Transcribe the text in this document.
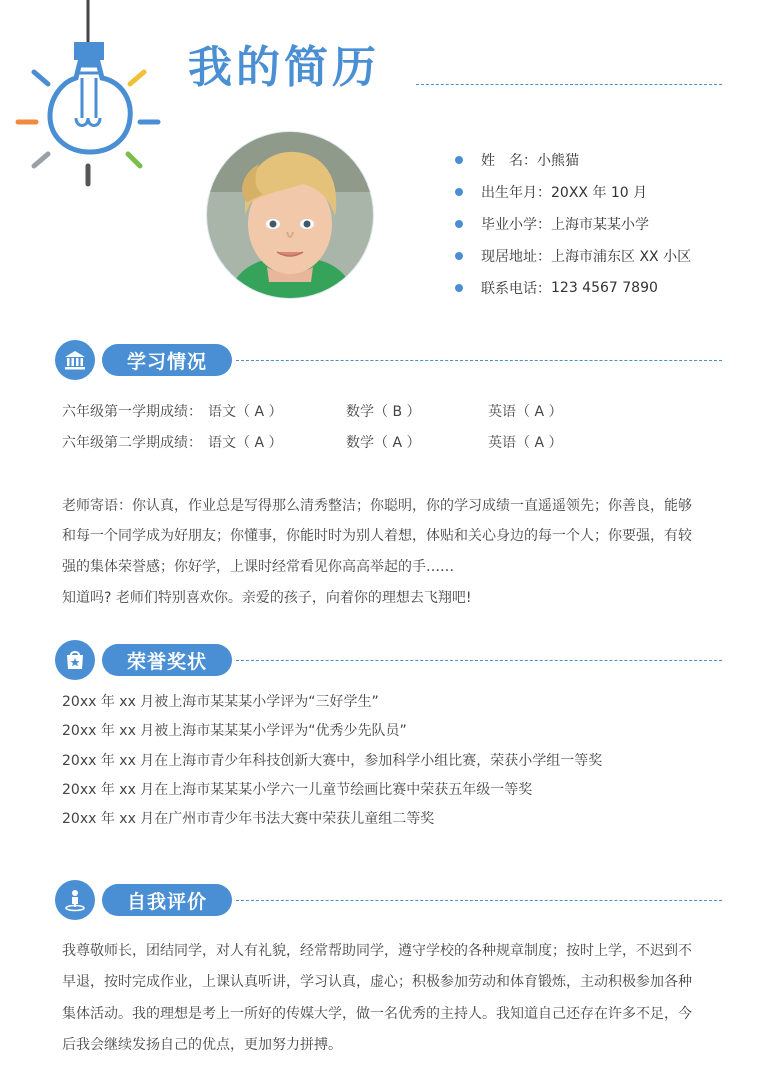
我的简历
姓　名： 小熊猫
出生年月： 20XX 年 10 月
毕业小学： 上海市某某小学
现居地址： 上海市浦东区 XX 小区
联系电话： 123 4567 7890
学习情况
六年级第一学期成绩： 语文（ A ）	数学（ B ）	英语（ A ）
六年级第二学期成绩： 语文（ A ）	数学（ A ）	英语（ A ）
老师寄语：你认真，作业总是写得那么清秀整洁；你聪明，你的学习成绩一直遥遥领先；你善良，能够
和每一个同学成为好朋友；你懂事，你能时时为别人着想，体贴和关心身边的每一个人；你要强，有较
强的集体荣誉感；你好学，上课时经常看见你高高举起的手……
知道吗? 老师们特别喜欢你。亲爱的孩子，向着你的理想去飞翔吧!
荣誉奖状
20xx 年 xx 月被上海市某某某小学评为“三好学生”
20xx 年 xx 月被上海市某某某小学评为“优秀少先队员”
20xx 年 xx 月在上海市青少年科技创新大赛中，参加科学小组比赛，荣获小学组一等奖
20xx 年 xx 月在上海市某某某小学六一儿童节绘画比赛中荣获五年级一等奖
20xx 年 xx 月在广州市青少年书法大赛中荣获儿童组二等奖
自我评价
我尊敬师长，团结同学，对人有礼貌，经常帮助同学，遵守学校的各种规章制度；按时上学，不迟到不
早退，按时完成作业，上课认真听讲，学习认真，虚心；积极参加劳动和体育锻炼，主动积极参加各种
集体活动。我的理想是考上一所好的传媒大学，做一名优秀的主持人。我知道自己还存在许多不足，今
后我会继续发扬自己的优点，更加努力拼搏。
